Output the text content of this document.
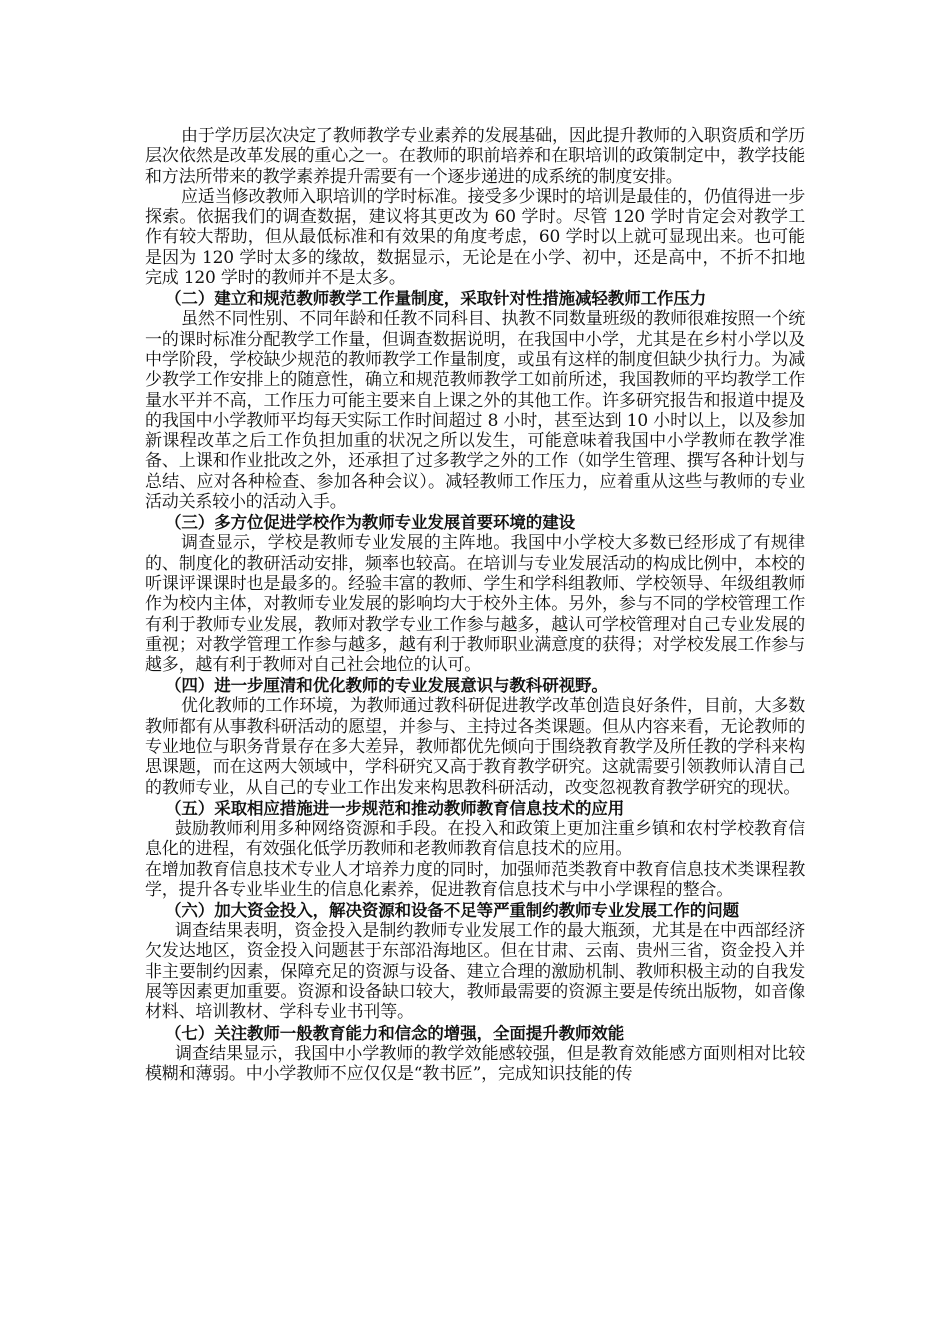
由于学历层次决定了教师教学专业素养的发展基础，因此提升教师的入职资质和学历层次依然是改革发展的重心之一。在教师的职前培养和在职培训的政策制定中，教学技能和方法所带来的教学素养提升需要有一个逐步递进的成系统的制度安排。

应适当修改教师入职培训的学时标准。接受多少课时的培训是最佳的，仍值得进一步探索。依据我们的调查数据，建议将其更改为 60 学时。尽管 120 学时肯定会对教学工作有较大帮助，但从最低标准和有效果的角度考虑，60 学时以上就可显现出来。也可能是因为 120 学时太多的缘故，数据显示，无论是在小学、初中，还是高中，不折不扣地完成 120 学时的教师并不是太多。

（二）建立和规范教师教学工作量制度，采取针对性措施减轻教师工作压力

虽然不同性别、不同年龄和任教不同科目、执教不同数量班级的教师很难按照一个统一的课时标准分配教学工作量，但调查数据说明，在我国中小学，尤其是在乡村小学以及中学阶段，学校缺少规范的教师教学工作量制度，或虽有这样的制度但缺少执行力。为减少教学工作安排上的随意性，确立和规范教师教学工如前所述，我国教师的平均教学工作量水平并不高，工作压力可能主要来自上课之外的其他工作。许多研究报告和报道中提及的我国中小学教师平均每天实际工作时间超过 8 小时，甚至达到 10 小时以上，以及参加新课程改革之后工作负担加重的状况之所以发生，可能意味着我国中小学教师在教学准备、上课和作业批改之外，还承担了过多教学之外的工作（如学生管理、撰写各种计划与总结、应对各种检查、参加各种会议）。减轻教师工作压力，应着重从这些与教师的专业活动关系较小的活动入手。

（三）多方位促进学校作为教师专业发展首要环境的建设

调查显示，学校是教师专业发展的主阵地。我国中小学校大多数已经形成了有规律的、制度化的教研活动安排，频率也较高。在培训与专业发展活动的构成比例中，本校的听课评课课时也是最多的。经验丰富的教师、学生和学科组教师、学校领导、年级组教师作为校内主体，对教师专业发展的影响均大于校外主体。另外，参与不同的学校管理工作有利于教师专业发展，教师对教学专业工作参与越多，越认可学校管理对自己专业发展的重视；对教学管理工作参与越多，越有利于教师职业满意度的获得；对学校发展工作参与越多，越有利于教师对自己社会地位的认可。

（四）进一步厘清和优化教师的专业发展意识与教科研视野。

优化教师的工作环境，为教师通过教科研促进教学改革创造良好条件，目前，大多数教师都有从事教科研活动的愿望，并参与、主持过各类课题。但从内容来看，无论教师的专业地位与职务背景存在多大差异，教师都优先倾向于围绕教育教学及所任教的学科来构思课题，而在这两大领域中，学科研究又高于教育教学研究。这就需要引领教师认清自己的教师专业，从自己的专业工作出发来构思教科研活动，改变忽视教育教学研究的现状。

（五）采取相应措施进一步规范和推动教师教育信息技术的应用

鼓励教师利用多种网络资源和手段。在投入和政策上更加注重乡镇和农村学校教育信息化的进程，有效强化低学历教师和老教师教育信息技术的应用。

在增加教育信息技术专业人才培养力度的同时，加强师范类教育中教育信息技术类课程教学，提升各专业毕业生的信息化素养，促进教育信息技术与中小学课程的整合。

（六）加大资金投入，解决资源和设备不足等严重制约教师专业发展工作的问题

调查结果表明，资金投入是制约教师专业发展工作的最大瓶颈，尤其是在中西部经济欠发达地区，资金投入问题甚于东部沿海地区。但在甘肃、云南、贵州三省，资金投入并非主要制约因素，保障充足的资源与设备、建立合理的激励机制、教师积极主动的自我发展等因素更加重要。资源和设备缺口较大，教师最需要的资源主要是传统出版物，如音像材料、培训教材、学科专业书刊等。

（七）关注教师一般教育能力和信念的增强，全面提升教师效能

调查结果显示，我国中小学教师的教学效能感较强，但是教育效能感方面则相对比较模糊和薄弱。中小学教师不应仅仅是“教书匠”，完成知识技能的传
